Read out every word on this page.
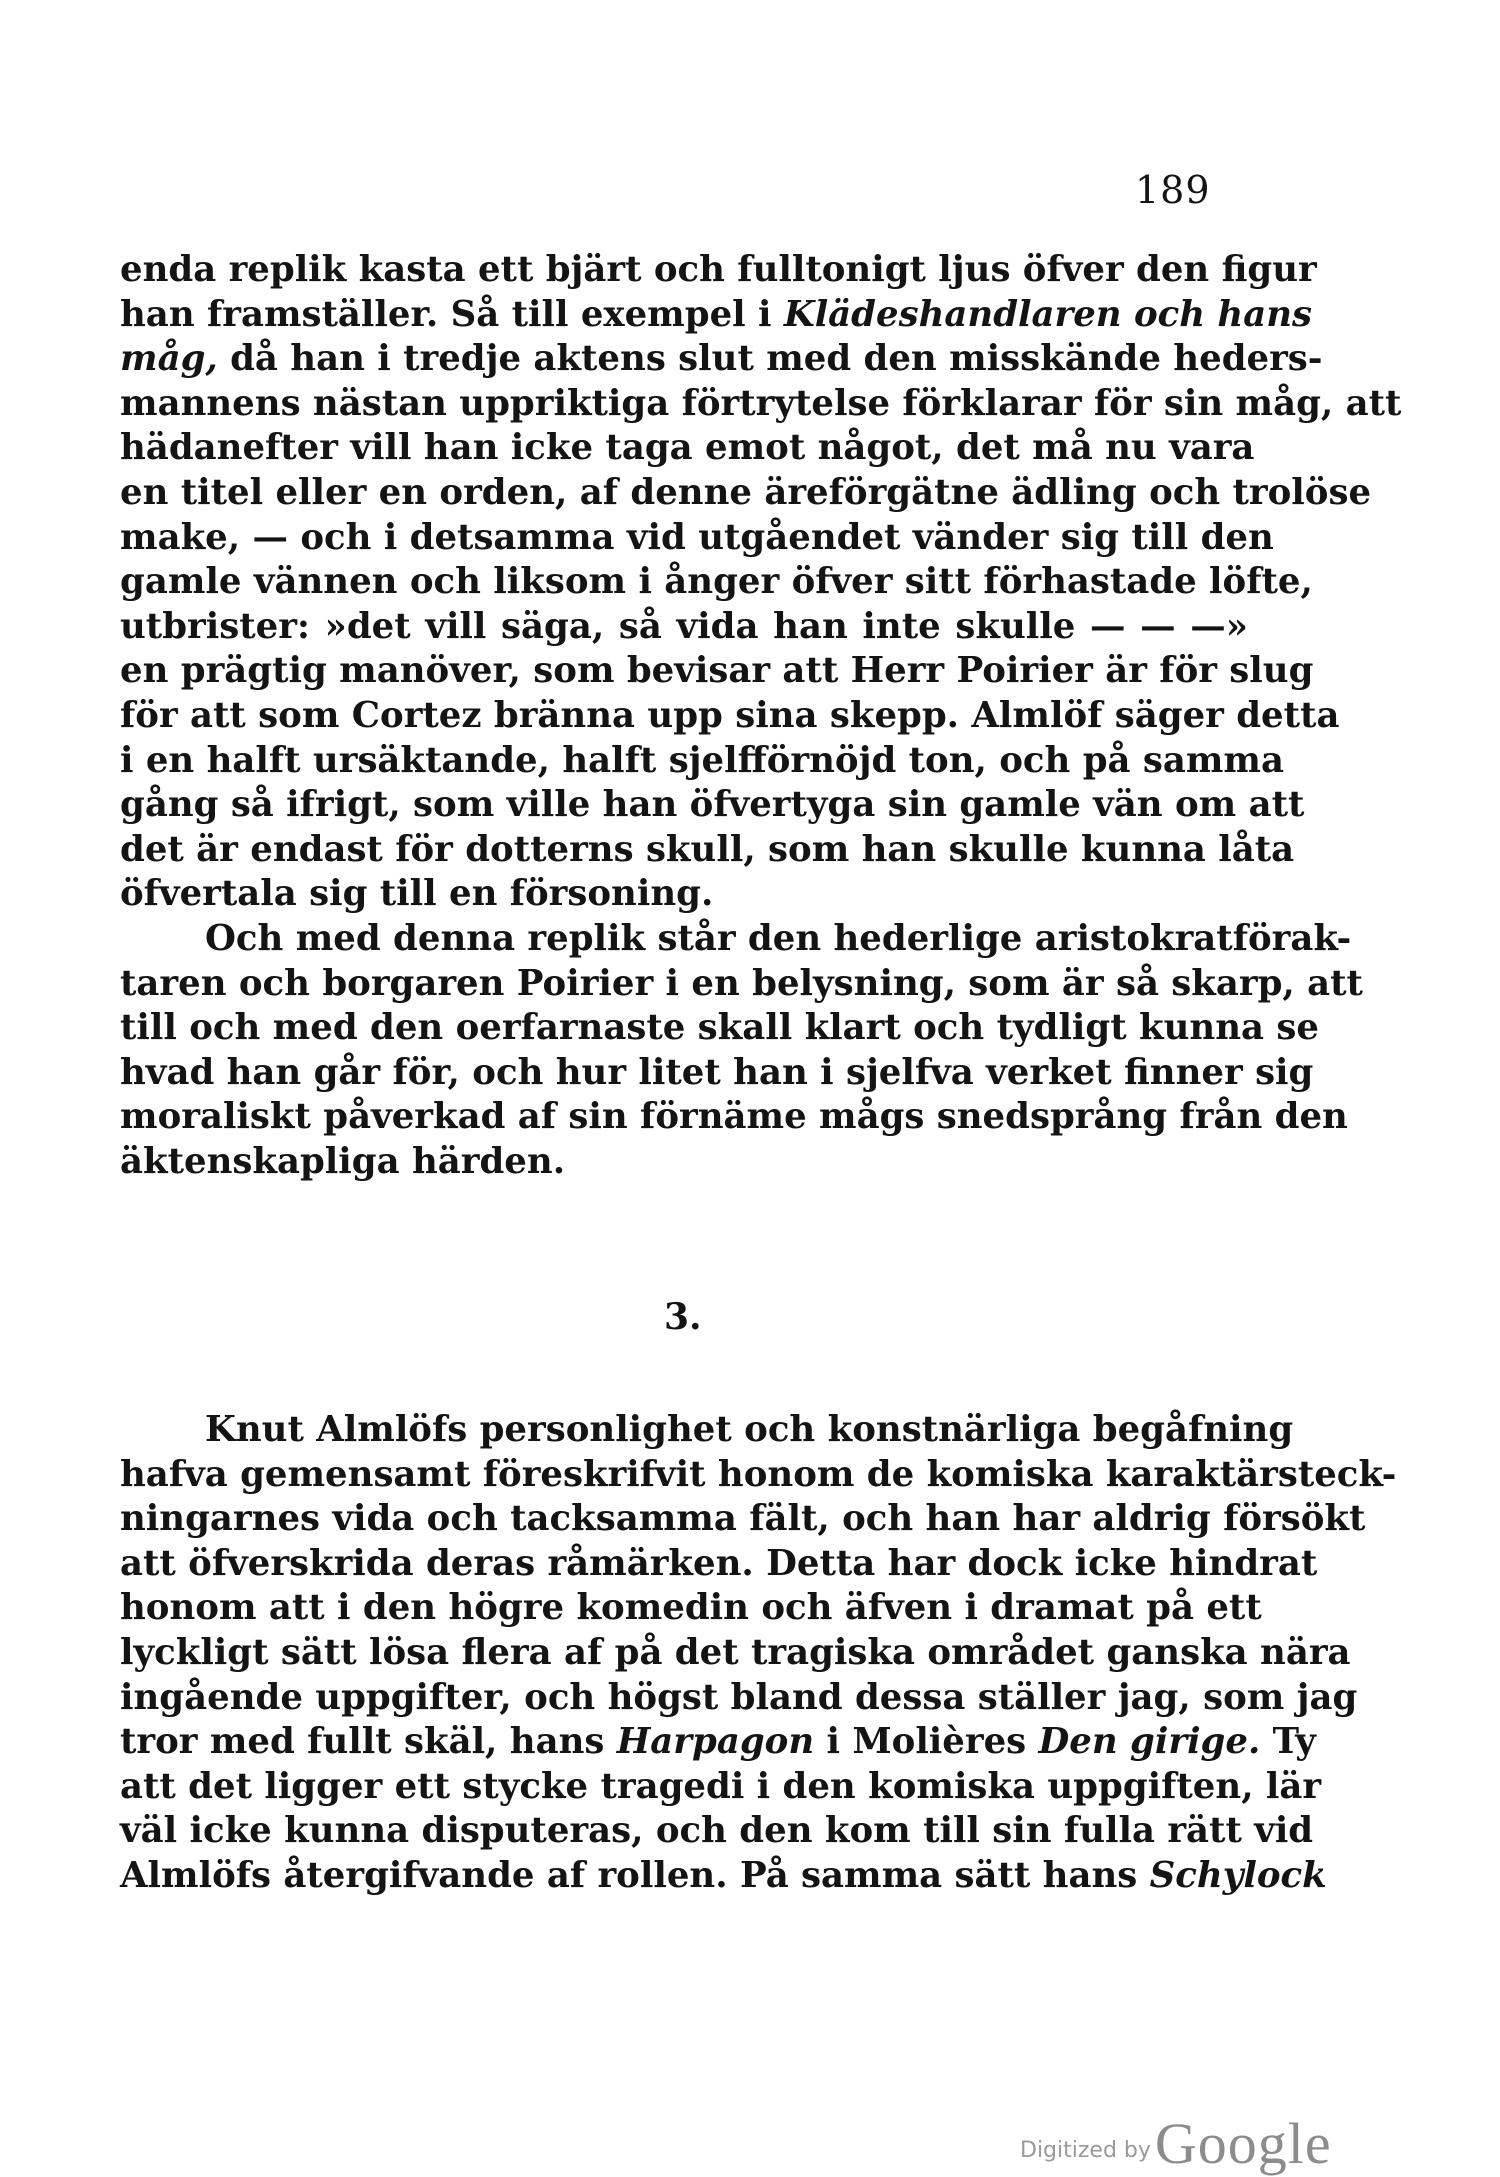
189
enda replik kasta ett bjärt och fulltonigt ljus öfver den figur
han framställer. Så till exempel i Klädeshandlaren och hans
måg, då han i tredje aktens slut med den misskände heders-
mannens nästan uppriktiga förtrytelse förklarar för sin måg, att
hädanefter vill han icke taga emot något, det må nu vara
en titel eller en orden, af denne äreförgätne ädling och trolöse
make, — och i detsamma vid utgåendet vänder sig till den
gamle vännen och liksom i ånger öfver sitt förhastade löfte,
utbrister: »det vill säga, så vida han inte skulle — — —»
en prägtig manöver, som bevisar att Herr Poirier är för slug
för att som Cortez bränna upp sina skepp. Almlöf säger detta
i en halft ursäktande, halft sjelfförnöjd ton, och på samma
gång så ifrigt, som ville han öfvertyga sin gamle vän om att
det är endast för dotterns skull, som han skulle kunna låta
öfvertala sig till en försoning.
Och med denna replik står den hederlige aristokratförak-
taren och borgaren Poirier i en belysning, som är så skarp, att
till och med den oerfarnaste skall klart och tydligt kunna se
hvad han går för, och hur litet han i sjelfva verket finner sig
moraliskt påverkad af sin förnäme mågs snedsprång från den
äktenskapliga härden.
3.
Knut Almlöfs personlighet och konstnärliga begåfning
hafva gemensamt föreskrifvit honom de komiska karaktärsteck-
ningarnes vida och tacksamma fält, och han har aldrig försökt
att öfverskrida deras råmärken. Detta har dock icke hindrat
honom att i den högre komedin och äfven i dramat på ett
lyckligt sätt lösa flera af på det tragiska området ganska nära
ingående uppgifter, och högst bland dessa ställer jag, som jag
tror med fullt skäl, hans Harpagon i Molières Den girige. Ty
att det ligger ett stycke tragedi i den komiska uppgiften, lär
väl icke kunna disputeras, och den kom till sin fulla rätt vid
Almlöfs återgifvande af rollen. På samma sätt hans Schylock
Digitized byGoogle
